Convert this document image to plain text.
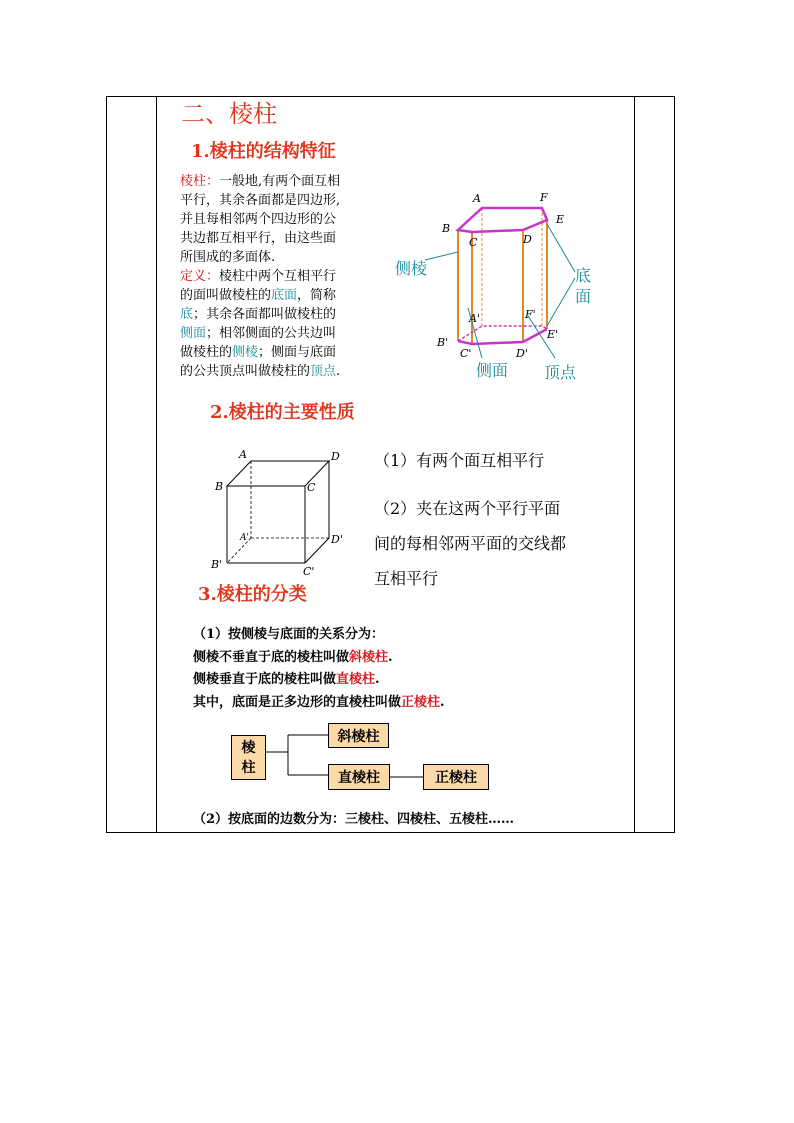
二、棱柱
1.棱柱的结构特征
棱柱：一般地,有两个面互相
平行，其余各面都是四边形,
并且每相邻两个四边形的公
共边都互相平行，由这些面
所围成的多面体.
定义：棱柱中两个互相平行
的面叫做棱柱的底面，简称
底；其余各面都叫做棱柱的
侧面；相邻侧面的公共边叫
做棱柱的侧棱；侧面与底面
的公共顶点叫做棱柱的顶点.
A	F
E
B
C	D
A'	F'
E'
B'
C'	D'
侧棱	底
面
侧面 顶点
2.棱柱的主要性质
A	D
B	C
A'	D'
B'
C'
（1）有两个面互相平行
（2）夹在这两个平行平面
间的每相邻两平面的交线都
互相平行
3.棱柱的分类
（1）按侧棱与底面的关系分为：
侧棱不垂直于底的棱柱叫做斜棱柱.
侧棱垂直于底的棱柱叫做直棱柱.
其中，底面是正多边形的直棱柱叫做正棱柱.
棱
柱
斜棱柱
直棱柱	正棱柱
（2）按底面的边数分为：三棱柱、四棱柱、五棱柱……
